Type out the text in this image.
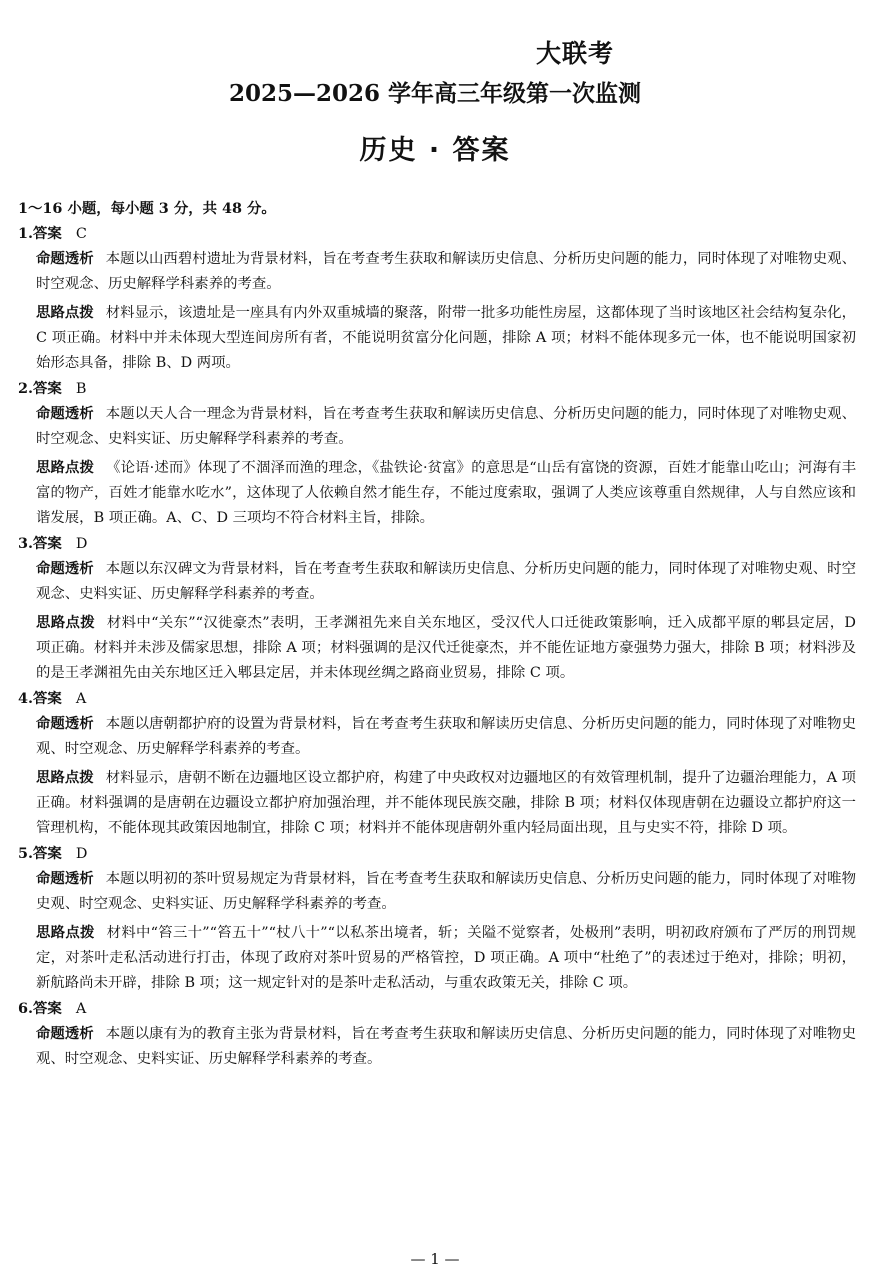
大联考
2025—2026 学年高三年级第一次监测
历史 · 答案

1～16 小题，每小题 3 分，共 48 分。

1.答案 C

命题透析 本题以山西碧村遗址为背景材料，旨在考查考生获取和解读历史信息、分析历史问题的能力，同时体现了对唯物史观、时空观念、历史解释学科素养的考查。

思路点拨 材料显示，该遗址是一座具有内外双重城墙的聚落，附带一批多功能性房屋，这都体现了当时该地区社会结构复杂化，C 项正确。材料中并未体现大型连间房所有者，不能说明贫富分化问题，排除 A 项；材料不能体现多元一体，也不能说明国家初始形态具备，排除 B、D 两项。

2.答案 B

命题透析 本题以天人合一理念为背景材料，旨在考查考生获取和解读历史信息、分析历史问题的能力，同时体现了对唯物史观、时空观念、史料实证、历史解释学科素养的考查。

思路点拨 《论语·述而》体现了不涸泽而渔的理念，《盐铁论·贫富》的意思是“山岳有富饶的资源，百姓才能靠山吃山；河海有丰富的物产，百姓才能靠水吃水”，这体现了人依赖自然才能生存，不能过度索取，强调了人类应该尊重自然规律，人与自然应该和谐发展，B 项正确。A、C、D 三项均不符合材料主旨，排除。

3.答案 D

命题透析 本题以东汉碑文为背景材料，旨在考查考生获取和解读历史信息、分析历史问题的能力，同时体现了对唯物史观、时空观念、史料实证、历史解释学科素养的考查。

思路点拨 材料中“关东”“汉徙豪杰”表明，王孝渊祖先来自关东地区，受汉代人口迁徙政策影响，迁入成都平原的郫县定居，D 项正确。材料并未涉及儒家思想，排除 A 项；材料强调的是汉代迁徙豪杰，并不能佐证地方豪强势力强大，排除 B 项；材料涉及的是王孝渊祖先由关东地区迁入郫县定居，并未体现丝绸之路商业贸易，排除 C 项。

4.答案 A

命题透析 本题以唐朝都护府的设置为背景材料，旨在考查考生获取和解读历史信息、分析历史问题的能力，同时体现了对唯物史观、时空观念、历史解释学科素养的考查。

思路点拨 材料显示，唐朝不断在边疆地区设立都护府，构建了中央政权对边疆地区的有效管理机制，提升了边疆治理能力，A 项正确。材料强调的是唐朝在边疆设立都护府加强治理，并不能体现民族交融，排除 B 项；材料仅体现唐朝在边疆设立都护府这一管理机构，不能体现其政策因地制宜，排除 C 项；材料并不能体现唐朝外重内轻局面出现，且与史实不符，排除 D 项。

5.答案 D

命题透析 本题以明初的茶叶贸易规定为背景材料，旨在考查考生获取和解读历史信息、分析历史问题的能力，同时体现了对唯物史观、时空观念、史料实证、历史解释学科素养的考查。

思路点拨 材料中“笞三十”“笞五十”“杖八十”“以私茶出境者，斩；关隘不觉察者，处极刑”表明，明初政府颁布了严厉的刑罚规定，对茶叶走私活动进行打击，体现了政府对茶叶贸易的严格管控，D 项正确。A 项中“杜绝了”的表述过于绝对，排除；明初，新航路尚未开辟，排除 B 项；这一规定针对的是茶叶走私活动，与重农政策无关，排除 C 项。

6.答案 A

命题透析 本题以康有为的教育主张为背景材料，旨在考查考生获取和解读历史信息、分析历史问题的能力，同时体现了对唯物史观、时空观念、史料实证、历史解释学科素养的考查。

— 1 —
